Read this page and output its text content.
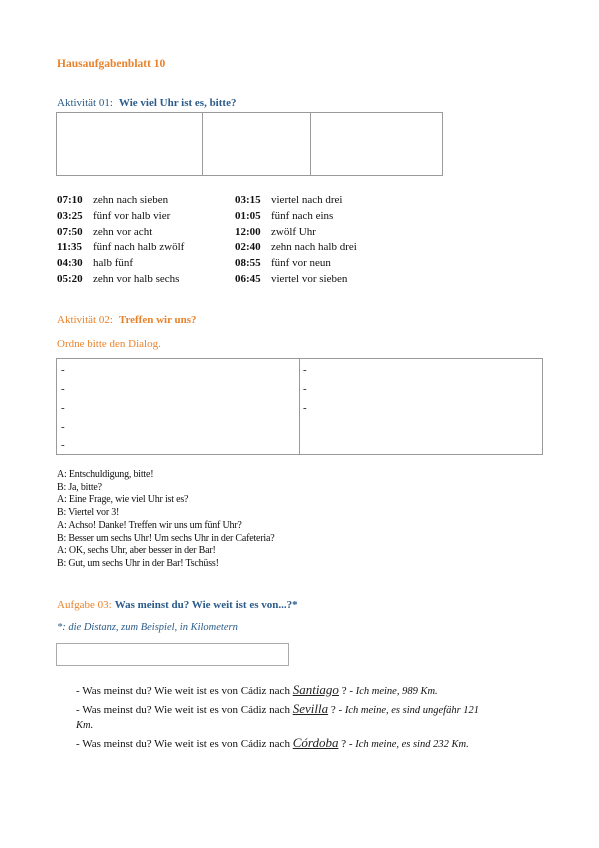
Hausaufgabenblatt 10
Aktivität 01: Wie viel Uhr ist es, bitte?
07:10 zehn nach sieben
03:25 fünf vor halb vier
07:50 zehn vor acht
11:35 fünf nach halb zwölf
04:30 halb fünf
05:20 zehn vor halb sechs
03:15 viertel nach drei
01:05 fünf nach eins
12:00 zwölf Uhr
02:40 zehn nach halb drei
08:55 fünf vor neun
06:45 viertel vor sieben
Aktivität 02: Treffen wir uns?
Ordne bitte den Dialog.
-
-
-
-
-
-
-
-
A: Entschuldigung, bitte!
B: Ja, bitte?
A: Eine Frage, wie viel Uhr ist es?
B: Viertel vor 3!
A: Achso! Danke! Treffen wir uns um fünf Uhr?
B: Besser um sechs Uhr! Um sechs Uhr in der Cafeteria?
A: OK, sechs Uhr, aber besser in der Bar!
B: Gut, um sechs Uhr in der Bar! Tschüss!
Aufgabe 03: Was meinst du? Wie weit ist es von...?*
*: die Distanz, zum Beispiel, in Kilometern
- Was meinst du? Wie weit ist es von Cádiz nach Santiago ? - Ich meine, 989 Km.
- Was meinst du? Wie weit ist es von Cádiz nach Sevilla ? - Ich meine, es sind ungefähr 121
Km.
- Was meinst du? Wie weit ist es von Cádiz nach Córdoba ? - Ich meine, es sind 232 Km.
